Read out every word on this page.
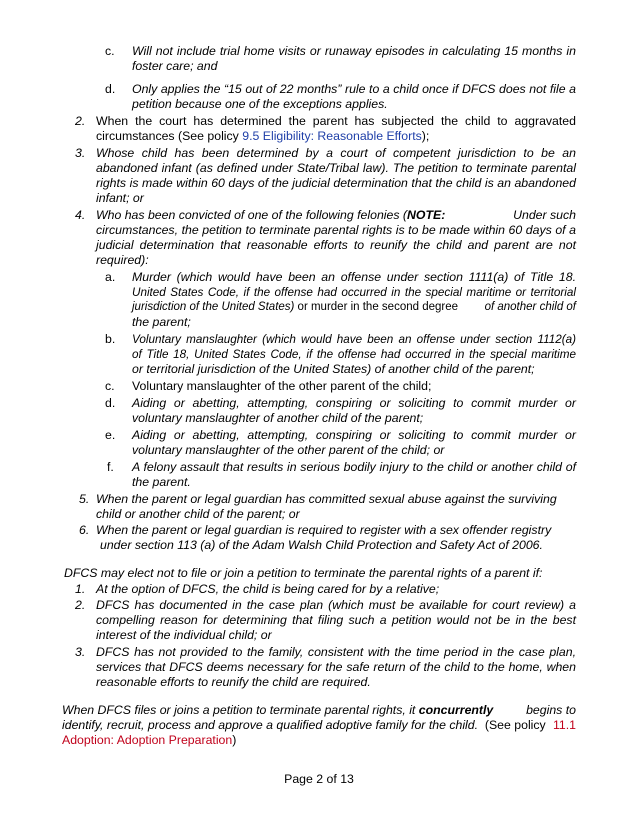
c. Will not include trial home visits or runaway episodes in calculating 15 months in
foster care; and
d. Only applies the “15 out of 22 months” rule to a child once if DFCS does not file a
petition because one of the exceptions applies.
2. When the court has determined the parent has subjected the child to aggravated
circumstances (See policy 9.5 Eligibility: Reasonable Efforts);
3. Whose child has been determined by a court of competent jurisdiction to be an
abandoned infant (as defined under State/Tribal law). The petition to terminate parental
rights is made within 60 days of the judicial determination that the child is an abandoned
infant; or
4. Who has been convicted of one of the following felonies ( NOTE:	Under such
circumstances, the petition to terminate parental rights is to be made within 60 days of a
judicial determination that reasonable efforts to reunify the child and parent are not
required):
a. Murder (which would have been an offense under section 1111(a) of Title 18.
United States Code, if the offense had occurred in the special maritime or territorial
jurisdiction of the United States) or murder in the second degree of another child of
the parent;
b. Voluntary manslaughter (which would have been an offense under section 1112(a)
of Title 18, United States Code, if the offense had occurred in the special maritime
or territorial jurisdiction of the United States) of another child of the parent;
c. Voluntary manslaughter of the other parent of the child;
d. Aiding or abetting, attempting, conspiring or soliciting to commit murder or
voluntary manslaughter of another child of the parent;
e. Aiding or abetting, attempting, conspiring or soliciting to commit murder or
voluntary manslaughter of the other parent of the child; or
f. A felony assault that results in serious bodily injury to the child or another child of
the parent.
5. When the parent or legal guardian has committed sexual abuse against the surviving
child or another child of the parent; or
6. When the parent or legal guardian is required to register with a sex offender registry
under section 113 (a) of the Adam Walsh Child Protection and Safety Act of 2006.
DFCS may elect not to file or join a petition to terminate the parental rights of a parent if:
1. At the option of DFCS, the child is being cared for by a relative;
2. DFCS has documented in the case plan (which must be available for court review) a
compelling reason for determining that filing such a petition would not be in the best
interest of the individual child; or
3. DFCS has not provided to the family, consistent with the time period in the case plan,
services that DFCS deems necessary for the safe return of the child to the home, when
reasonable efforts to reunify the child are required.
When DFCS files or joins a petition to terminate parental rights, it concurrently begins to
identify, recruit, process and approve a qualified adoptive family for the child. (See policy 11.1
Adoption: Adoption Preparation)
Page 2 of 13
